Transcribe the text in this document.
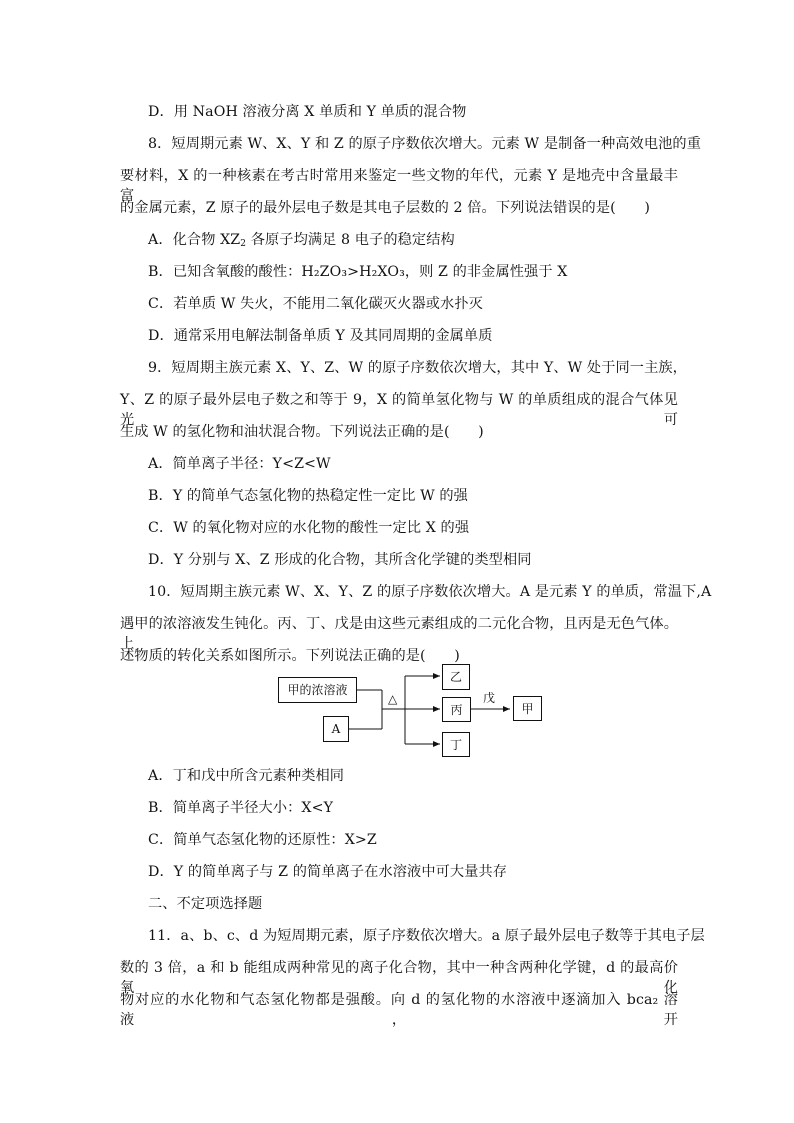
D．用 NaOH 溶液分离 X 单质和 Y 单质的混合物
8．短周期元素 W、X、Y 和 Z 的原子序数依次增大。元素 W 是制备一种高效电池的重
要材料，X 的一种核素在考古时常用来鉴定一些文物的年代，元素 Y 是地壳中含量最丰富
的金属元素，Z 原子的最外层电子数是其电子层数的 2 倍。下列说法错误的是(　　)
A．化合物 $XZ_2$ 各原子均满足 8 电子的稳定结构
B．已知含氧酸的酸性：H₂ZO₃>H₂XO₃，则 Z 的非金属性强于 X
C．若单质 W 失火，不能用二氧化碳灭火器或水扑灭
D．通常采用电解法制备单质 Y 及其同周期的金属单质
9．短周期主族元素 X、Y、Z、W 的原子序数依次增大，其中 Y、W 处于同一主族，
Y、Z 的原子最外层电子数之和等于 9，X 的简单氢化物与 W 的单质组成的混合气体见光可
生成 W 的氢化物和油状混合物。下列说法正确的是(　　)
A．简单离子半径：Y<Z<W
B．Y 的简单气态氢化物的热稳定性一定比 W 的强
C．W 的氧化物对应的水化物的酸性一定比 X 的强
D．Y 分别与 X、Z 形成的化合物，其所含化学键的类型相同
10．短周期主族元素 W、X、Y、Z 的原子序数依次增大。A 是元素 Y 的单质，常温下,A
遇甲的浓溶液发生钝化。丙、丁、戊是由这些元素组成的二元化合物，且丙是无色气体。上
述物质的转化关系如图所示。下列说法正确的是(　　)
甲的浓溶液
A
△
乙
丙
丁
戊
甲
A．丁和戊中所含元素种类相同
B．简单离子半径大小：X<Y
C．简单气态氢化物的还原性：X>Z
D．Y 的简单离子与 Z 的简单离子在水溶液中可大量共存
二、不定项选择题
11．a、b、c、d 为短周期元素，原子序数依次增大。a 原子最外层电子数等于其电子层
数的 3 倍，a 和 b 能组成两种常见的离子化合物，其中一种含两种化学键，d 的最高价氧化
物对应的水化物和气态氢化物都是强酸。向 d 的氢化物的水溶液中逐滴加入 bca₂ 溶液，开
